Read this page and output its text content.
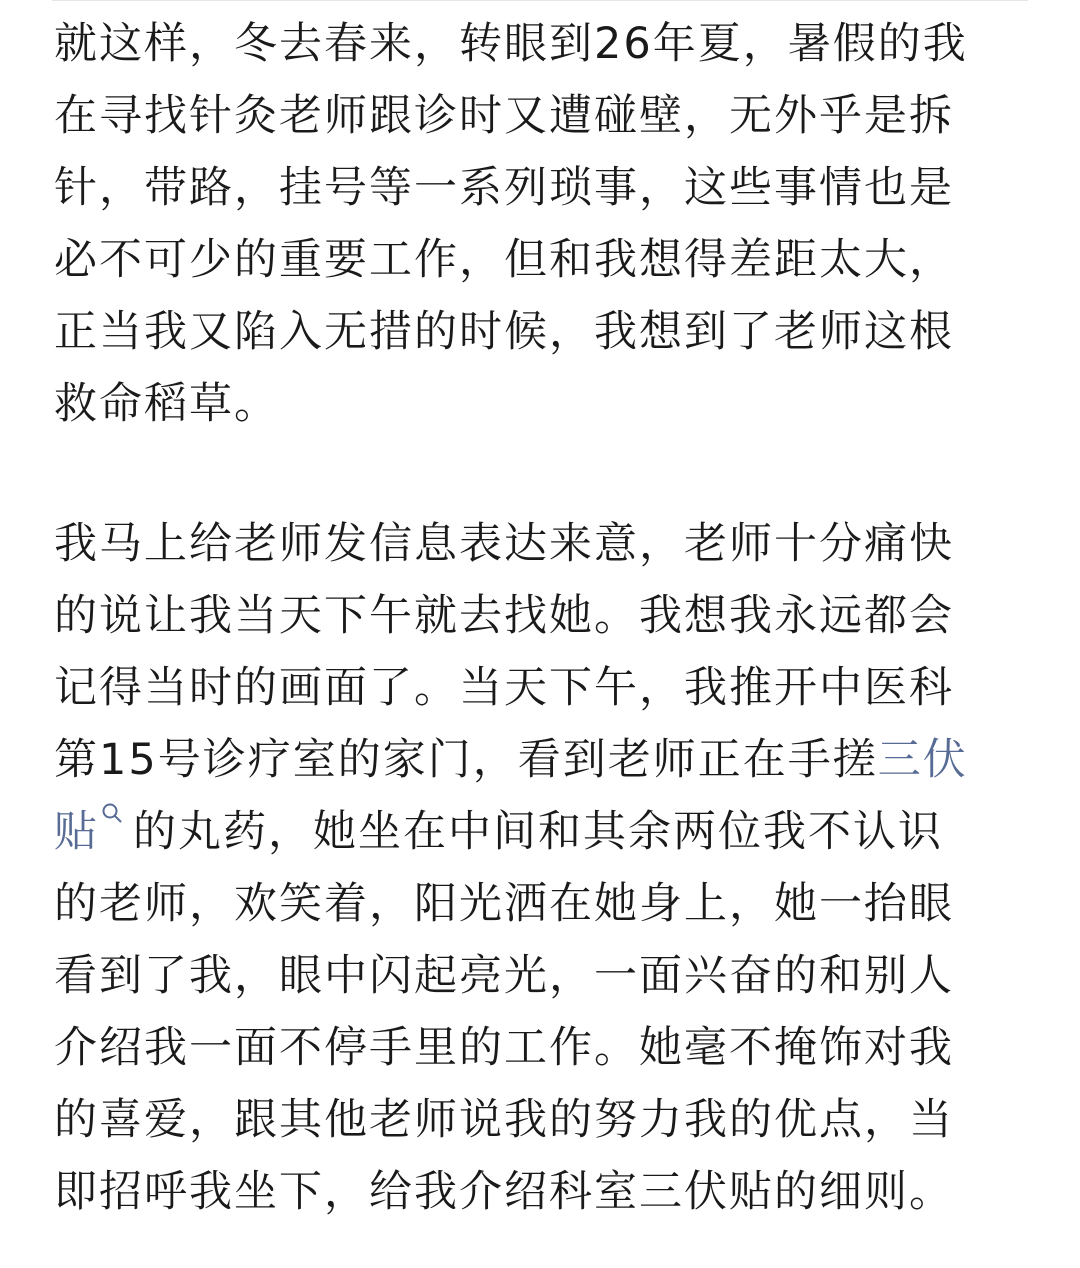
就这样，冬去春来，转眼到26年夏，暑假的我
在寻找针灸老师跟诊时又遭碰壁，无外乎是拆
针，带路，挂号等一系列琐事，这些事情也是
必不可少的重要工作，但和我想得差距太大，
正当我又陷入无措的时候，我想到了老师这根
救命稻草。
我马上给老师发信息表达来意，老师十分痛快
的说让我当天下午就去找她。我想我永远都会
记得当时的画面了。当天下午，我推开中医科
第15号诊疗室的家门，看到老师正在手搓三伏
贴 的丸药，她坐在中间和其余两位我不认识
的老师，欢笑着，阳光洒在她身上，她一抬眼
看到了我，眼中闪起亮光，一面兴奋的和别人
介绍我一面不停手里的工作。她毫不掩饰对我
的喜爱，跟其他老师说我的努力我的优点，当
即招呼我坐下，给我介绍科室三伏贴的细则。
